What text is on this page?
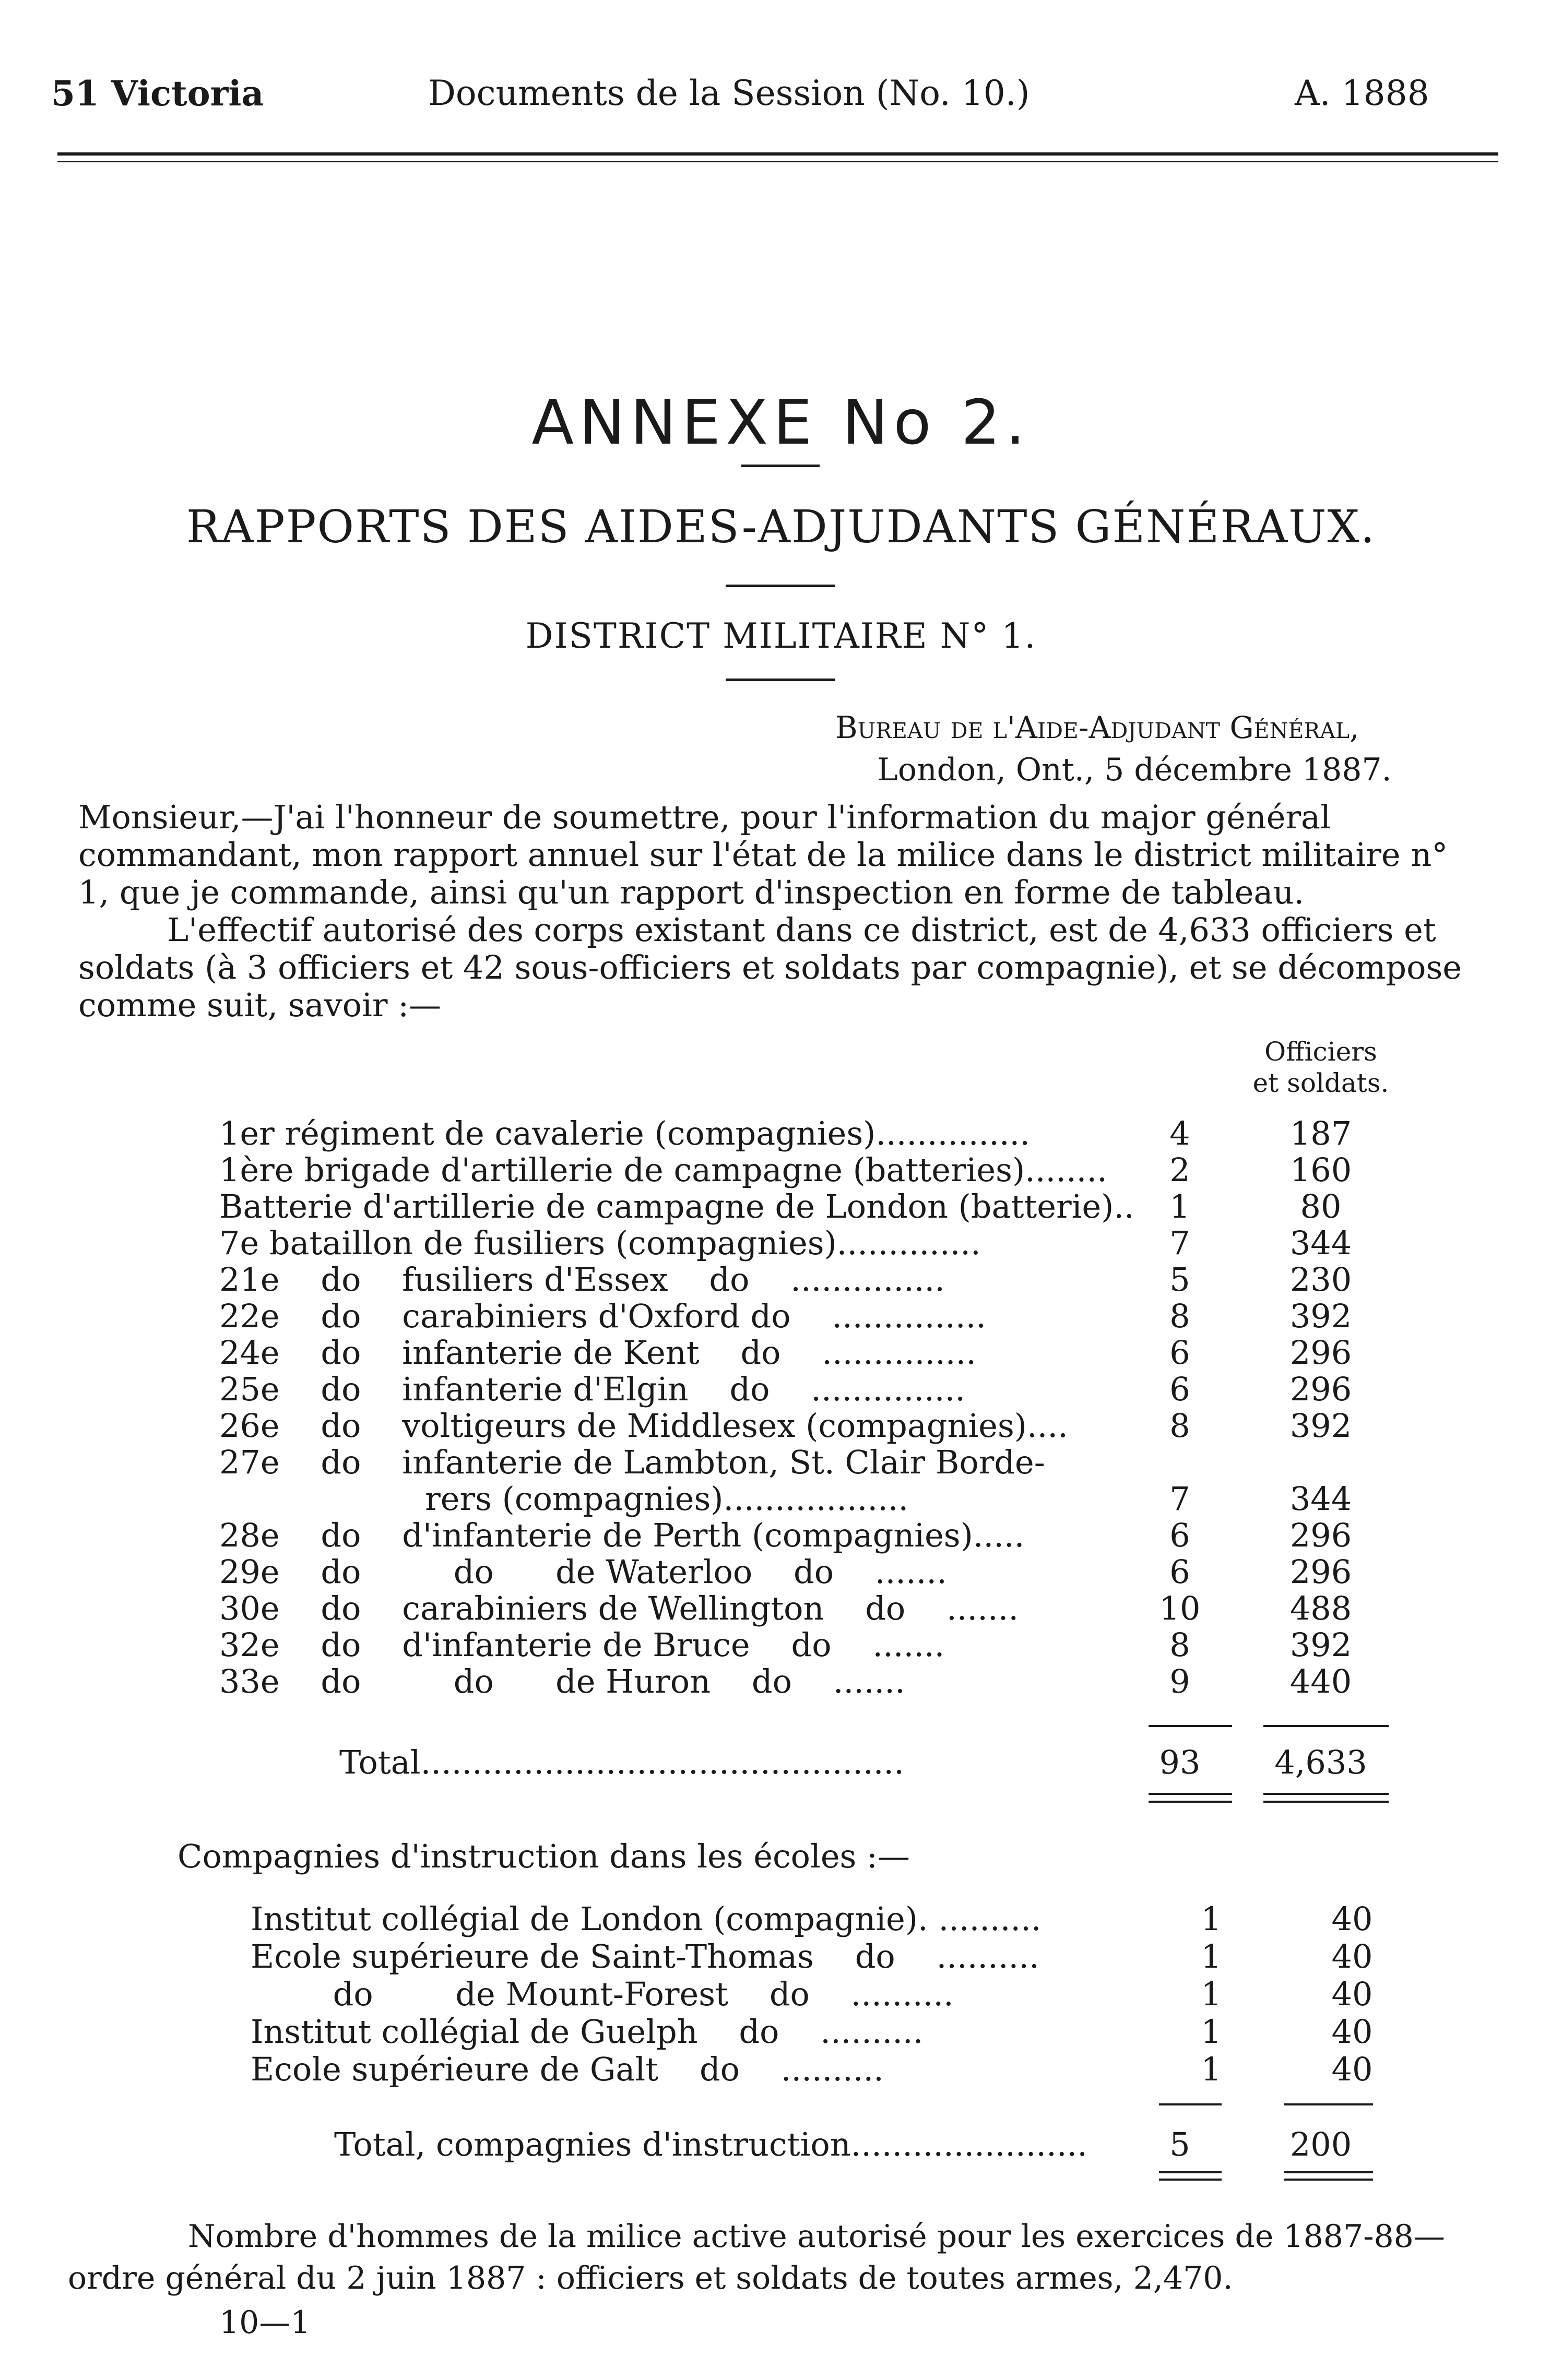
51 Victoria	Documents de la Session (No. 10.)	A. 1888
ANNEXE No 2.
RAPPORTS DES AIDES-ADJUDANTS GÉNÉRAUX.
DISTRICT MILITAIRE N° 1.
Bureau de l'Aide-Adjudant Général,
London, Ont., 5 décembre 1887.
Monsieur,—J'ai l'honneur de soumettre, pour l'information du major général commandant, mon rapport annuel sur l'état de la milice dans le district militaire n° 1, que je commande, ainsi qu'un rapport d'inspection en forme de tableau.
L'effectif autorisé des corps existant dans ce district, est de 4,633 officiers et soldats (à 3 officiers et 42 sous-officiers et soldats par compagnie), et se décompose comme suit, savoir :—
Officiers
et soldats.
1er régiment de cavalerie (compagnies)...............	4	187
1ère brigade d'artillerie de campagne (batteries)........	2	160
Batterie d'artillerie de campagne de London (batterie)..	1	80
7e bataillon de fusiliers (compagnies)..............	7	344
21e    do    fusiliers d'Essex    do    ...............	5	230
22e    do    carabiniers d'Oxford do    ...............	8	392
24e    do    infanterie de Kent    do    ...............	6	296
25e    do    infanterie d'Elgin    do    ...............	6	296
26e    do    voltigeurs de Middlesex (compagnies)....	8	392
27e    do    infanterie de Lambton, St. Clair Borde-
rers (compagnies)..................	7	344
28e    do    d'infanterie de Perth (compagnies).....	6	296
29e    do         do      de Waterloo    do    .......	6	296
30e    do    carabiniers de Wellington    do    .......	10	488
32e    do    d'infanterie de Bruce    do    .......	8	392
33e    do         do      de Huron    do    .......	9	440
Total...............................................	93	4,633
Compagnies d'instruction dans les écoles :—
Institut collégial de London (compagnie). ..........	1	40
Ecole supérieure de Saint-Thomas    do    ..........	1	40
do        de Mount-Forest    do    ..........	1	40
Institut collégial de Guelph    do    ..........	1	40
Ecole supérieure de Galt    do    ..........	1	40
Total, compagnies d'instruction.......................	5	200
Nombre d'hommes de la milice active autorisé pour les exercices de 1887-88—
ordre général du 2 juin 1887 : officiers et soldats de toutes armes, 2,470.
10—1
